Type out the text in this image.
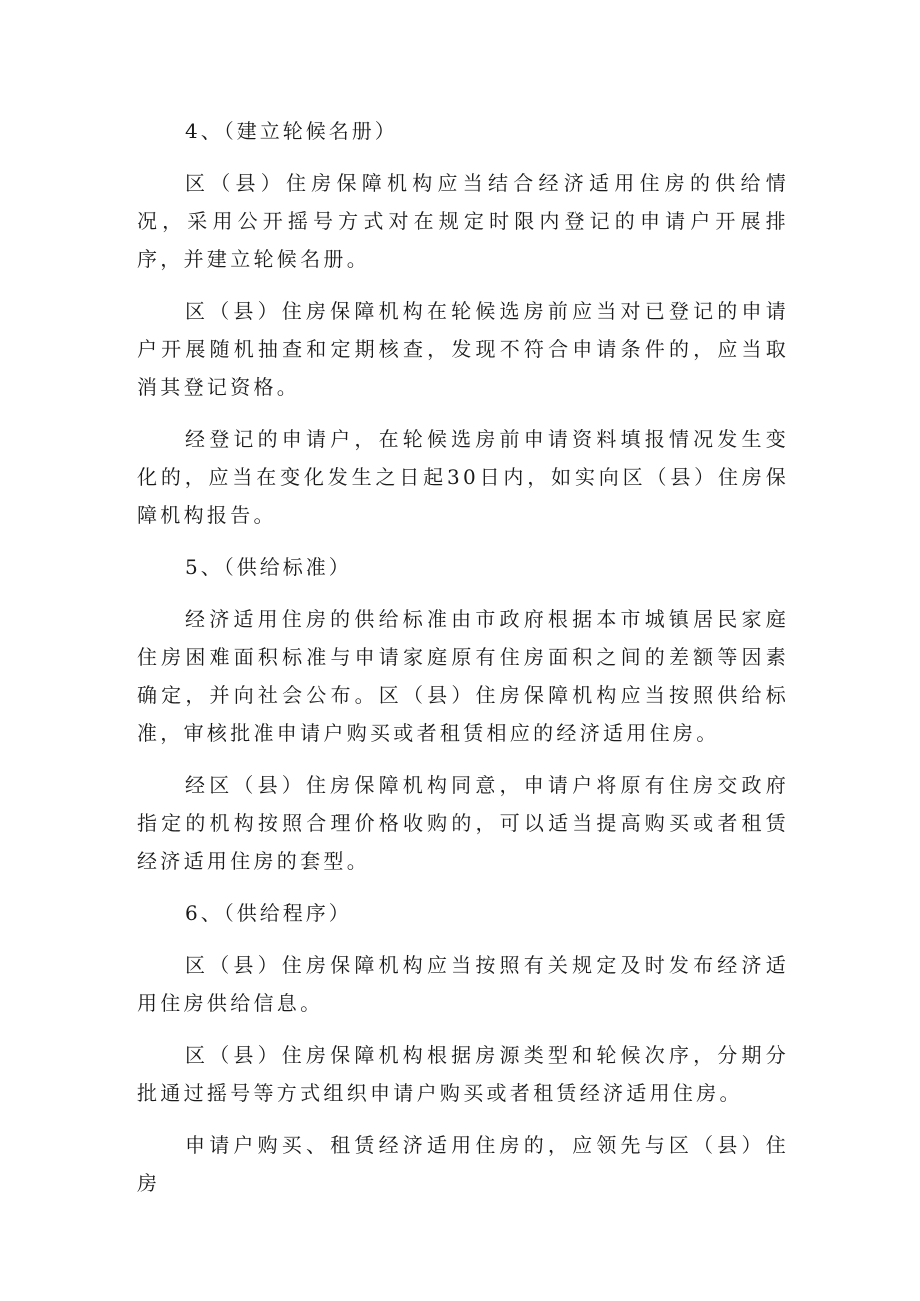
4、（建立轮候名册）

区（县）住房保障机构应当结合经济适用住房的供给情况，采用公开摇号方式对在规定时限内登记的申请户开展排序，并建立轮候名册。

区（县）住房保障机构在轮候选房前应当对已登记的申请户开展随机抽查和定期核查，发现不符合申请条件的，应当取消其登记资格。

经登记的申请户，在轮候选房前申请资料填报情况发生变化的，应当在变化发生之日起30日内，如实向区（县）住房保障机构报告。

5、（供给标准）

经济适用住房的供给标准由市政府根据本市城镇居民家庭住房困难面积标准与申请家庭原有住房面积之间的差额等因素确定，并向社会公布。区（县）住房保障机构应当按照供给标准，审核批准申请户购买或者租赁相应的经济适用住房。

经区（县）住房保障机构同意，申请户将原有住房交政府指定的机构按照合理价格收购的，可以适当提高购买或者租赁经济适用住房的套型。

6、（供给程序）

区（县）住房保障机构应当按照有关规定及时发布经济适用住房供给信息。

区（县）住房保障机构根据房源类型和轮候次序，分期分批通过摇号等方式组织申请户购买或者租赁经济适用住房。

申请户购买、租赁经济适用住房的，应领先与区（县）住房
